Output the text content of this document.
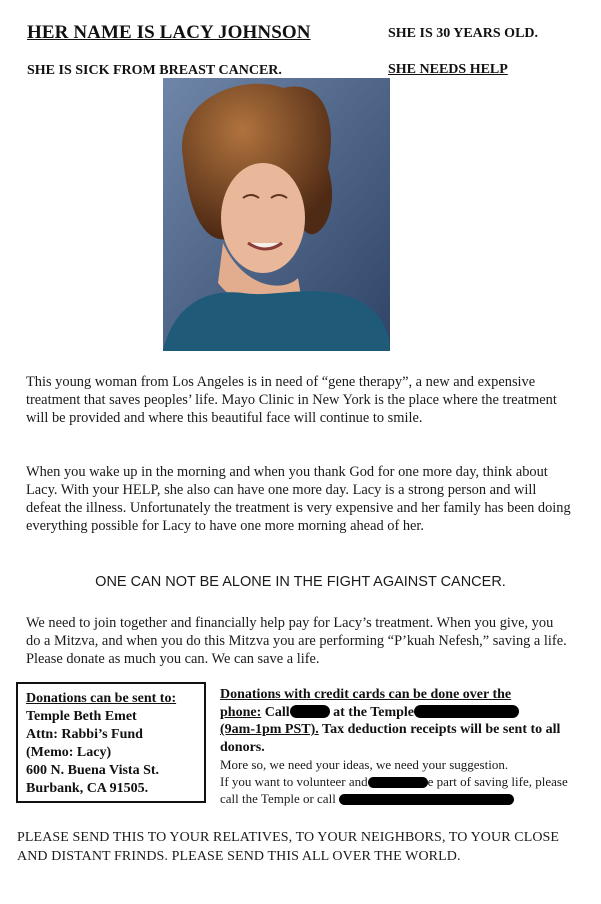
HER NAME IS LACY JOHNSON	SHE IS 30 YEARS OLD.
SHE IS SICK FROM BREAST CANCER.	SHE NEEDS HELP
This young woman from Los Angeles is in need of “gene therapy”, a new and expensive treatment that saves peoples’ life. Mayo Clinic in New York is the place where the treatment will be provided and where this beautiful face will continue to smile.
When you wake up in the morning and when you thank God for one more day, think about Lacy. With your HELP, she also can have one more day. Lacy is a strong person and will defeat the illness. Unfortunately the treatment is very expensive and her family has been doing everything possible for Lacy to have one more morning ahead of her.
ONE CAN NOT BE ALONE IN THE FIGHT AGAINST CANCER.
We need to join together and financially help pay for Lacy’s treatment. When you give, you do a Mitzva, and when you do this Mitzva you are performing “P’kuah Nefesh,” saving a life. Please donate as much you can. We can save a life.
Donations can be sent to:
Temple Beth Emet
Attn: Rabbi’s Fund
(Memo: Lacy)
600 N. Buena Vista St.
Burbank, CA 91505.
Donations with credit cards can be done over the
phone: Call	at the Temple
(9am-1pm PST). Tax deduction receipts will be sent to all donors.
More so, we need your ideas, we need your suggestion.
If you want to volunteer and	e part of saving life, please
call the Temple or call
PLEASE SEND THIS TO YOUR RELATIVES, TO YOUR NEIGHBORS, TO YOUR CLOSE AND DISTANT FRINDS. PLEASE SEND THIS ALL OVER THE WORLD.
